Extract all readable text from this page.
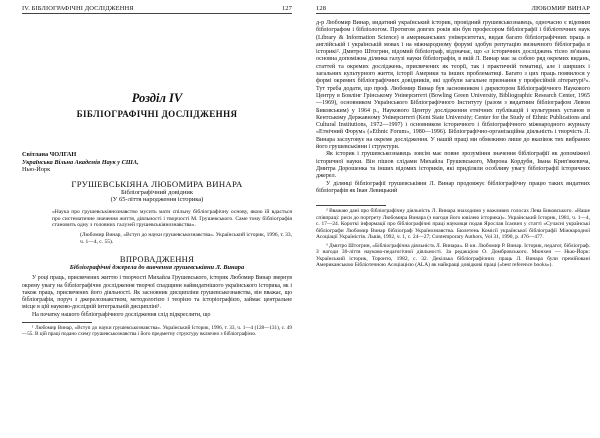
IV. БІБЛІОГРАФІЧНІ ДОСЛІДЖЕННЯ	127
Розділ IV
БІБЛІОГРАФІЧНІ ДОСЛІДЖЕННЯ
Світлана ЧОЛГАН
Українська Вільна Академія Наук у США,
Нью-Йорк
ГРУШЕВСЬКІЯНА ЛЮБОМИРА ВИНАРА
Бібліографічний довідник
(У 65-ліття народження історика)
«Наука про грушевськіянознавство мусить мати спільну бібліографічну основу, якою їй вдасться про систематичне значення життя, діяльності і творчості М. Грушевського. Саме тому бібліографія становить одну з головних галузей грушевськіянознавства».
(Любомир Винар, «Вступ до науки грушевськознавства». Український історик, 1996, т. 33, ч. 1—4, с. 55).
ВПРОВАДЖЕННЯ
Бібліографічні джерела до вивчення грушевськіяни Л. Винара

У році праць, присвячених життю і творчості Михайла Грушевського, історик Любомир Винар звернув окрему увагу на бібліографічне дослідження творчої спадщини найвидатнішого українського історика, як і також праць, присвячених його діяльності. Як засновник дисципліни грушевськознавства, він вважає, що бібліографія, поруч з джерелознавством, методологією і теорією та історіографією, займає центральне місце в цій науково-дослідній інтегральній дисципліні¹.

На початку нашого бібліографічного дослідження слід підкреслити, що

¹ Любомир Винар, «Вступ до науки грушевськознавства». Український Історик, 1996, т. 33, ч. 1—4 (128—131), с. 49—55. В цій праці подано схему грушевськознавства і його предметну структуру включно з бібліографією.

128	ЛЮБОМИР ВИНАР

д-р Любомир Винар, видатний український історик, провідний грушевськознавець, одночасно є відомим бібліографом і бібліологом. Протягом довгих років він був професором бібліографії і бібліотечних наук (Library & Information Science) в американських університетах, видав багато бібліографічних праць в англійській і українській мовах і на міжнародному форумі здобув репутацію визначного бібліографа в історикі². Дмитро Штогрин, відомий бібліограф, відзначає, що «з історичних досліджень тісно зв'язана основна допоміжна ділянка галузі науки бібліографія, в якій Л. Винар має за собою ряд окремих видань, статтей та окремих досліджень, присвячених як теорії, так і практичній тематиці, але і ширших і загальних культурного життя, історії Америки та інших проблематиці. Багато з цих праць появилося у формі окремих бібліографічних довідників, які здобули загальне признання у професійній літературі³». Тут треба додати, що проф. Любомир Винар був засновником і директором Бібліографічного Наукового Центру в Бовлінг Грінському Університеті (Bowling Green University, Bibliographic Research Center, 1965—1969), основником Українського Бібліографічного Інституту (разом з видатним бібліографом Левом Биковським) у 1964 р., Наукового Центру дослідження етнічних публікацій і культурних установ в Кентському Державному Університеті (Kent State University; Center for the Study of Ethnic Publications and Cultural Institutions, 1972—1997) і основником історичного і бібліографічного міжнародного журналу «Етнічний Форум» («Ethnic Forum», 1980—1996). Бібліографічно-організаційна діяльність і творчість Л. Винара заслуговує на окреме дослідження. У нашій праці ми обмежимо лише до вказівок тих вибраних його грушевськіяни і структури.

Як історик і грушевськознавець зовсім має повне зрозуміння значення бібліографії як допоміжної історичної науки. Він пішов слідами Михайла Грушевського, Мирона Кордуби, Івана Крип'якевича, Дмитра Дорошенка та інших відомих істориків, які приділяли особливу увагу бібліографії історичних джерел.

У ділянці бібліографії грушевськіяни Л. Винар продовжує бібліографічну працю таких видатних бібліографів як Іван Левицький

² Вважаю дані про бібліографічну діяльність Л. Винара знаходимо у важливих голосах Лева Биковського. «Наше співпраці: риси до портрету Любомира Винара (з нагоди його ювілею історика)». Український Історик, 1981, ч. 1—4, с. 17—24. Короткі інформації про бібліографічні праці науковця подав Ярослав Ісаєвич у статті «Сучасні українські бібліографи Любомир Винар бібліограф Українознавства. Бюлетень Комісії української бібліографії Міжнародної Асоціації Україністів. Львів, 1992, ч. 1, с. 24—27; Contemporary Authors, Vol 31, 1990, р. 476—477.

³ Дмитро Штогрин, «Бібліографічна діяльність Л. Винара». В кн. Любомир Р. Винар. Історик, педагог, бібліограф. З нагоди 30-ліття науково-педагогічної діяльності. За редакцією О. Домбровського. Мюнхен — Нью-Йорк: Український історик, Торонто, 1982, с. 32. Декілька бібліографічних праць Л. Винара були премійовані Американською Бібліотечною Асоціацією (ALA) як найкращі довідкові праці («best reference books»).
